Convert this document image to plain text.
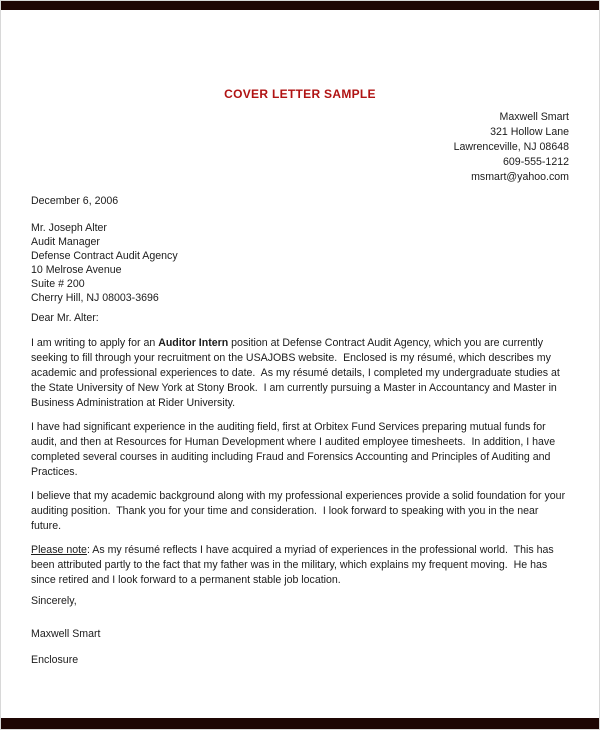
COVER LETTER SAMPLE
Maxwell Smart
321 Hollow Lane
Lawrenceville, NJ 08648
609-555-1212
msmart@yahoo.com
December 6, 2006
Mr. Joseph Alter
Audit Manager
Defense Contract Audit Agency
10 Melrose Avenue
Suite # 200
Cherry Hill, NJ 08003-3696
Dear Mr. Alter:

I am writing to apply for an Auditor Intern position at Defense Contract Audit Agency, which you are currently seeking to fill through your recruitment on the USAJOBS website.  Enclosed is my résumé, which describes my academic and professional experiences to date.  As my résumé details, I completed my undergraduate studies at the State University of New York at Stony Brook.  I am currently pursuing a Master in Accountancy and Master in Business Administration at Rider University.

I have had significant experience in the auditing field, first at Orbitex Fund Services preparing mutual funds for audit, and then at Resources for Human Development where I audited employee timesheets.  In addition, I have completed several courses in auditing including Fraud and Forensics Accounting and Principles of Auditing and Practices.

I believe that my academic background along with my professional experiences provide a solid foundation for your auditing position.  Thank you for your time and consideration.  I look forward to speaking with you in the near future.

Please note: As my résumé reflects I have acquired a myriad of experiences in the professional world.  This has been attributed partly to the fact that my father was in the military, which explains my frequent moving.  He has since retired and I look forward to a permanent stable job location.

Sincerely,
Maxwell Smart
Enclosure
